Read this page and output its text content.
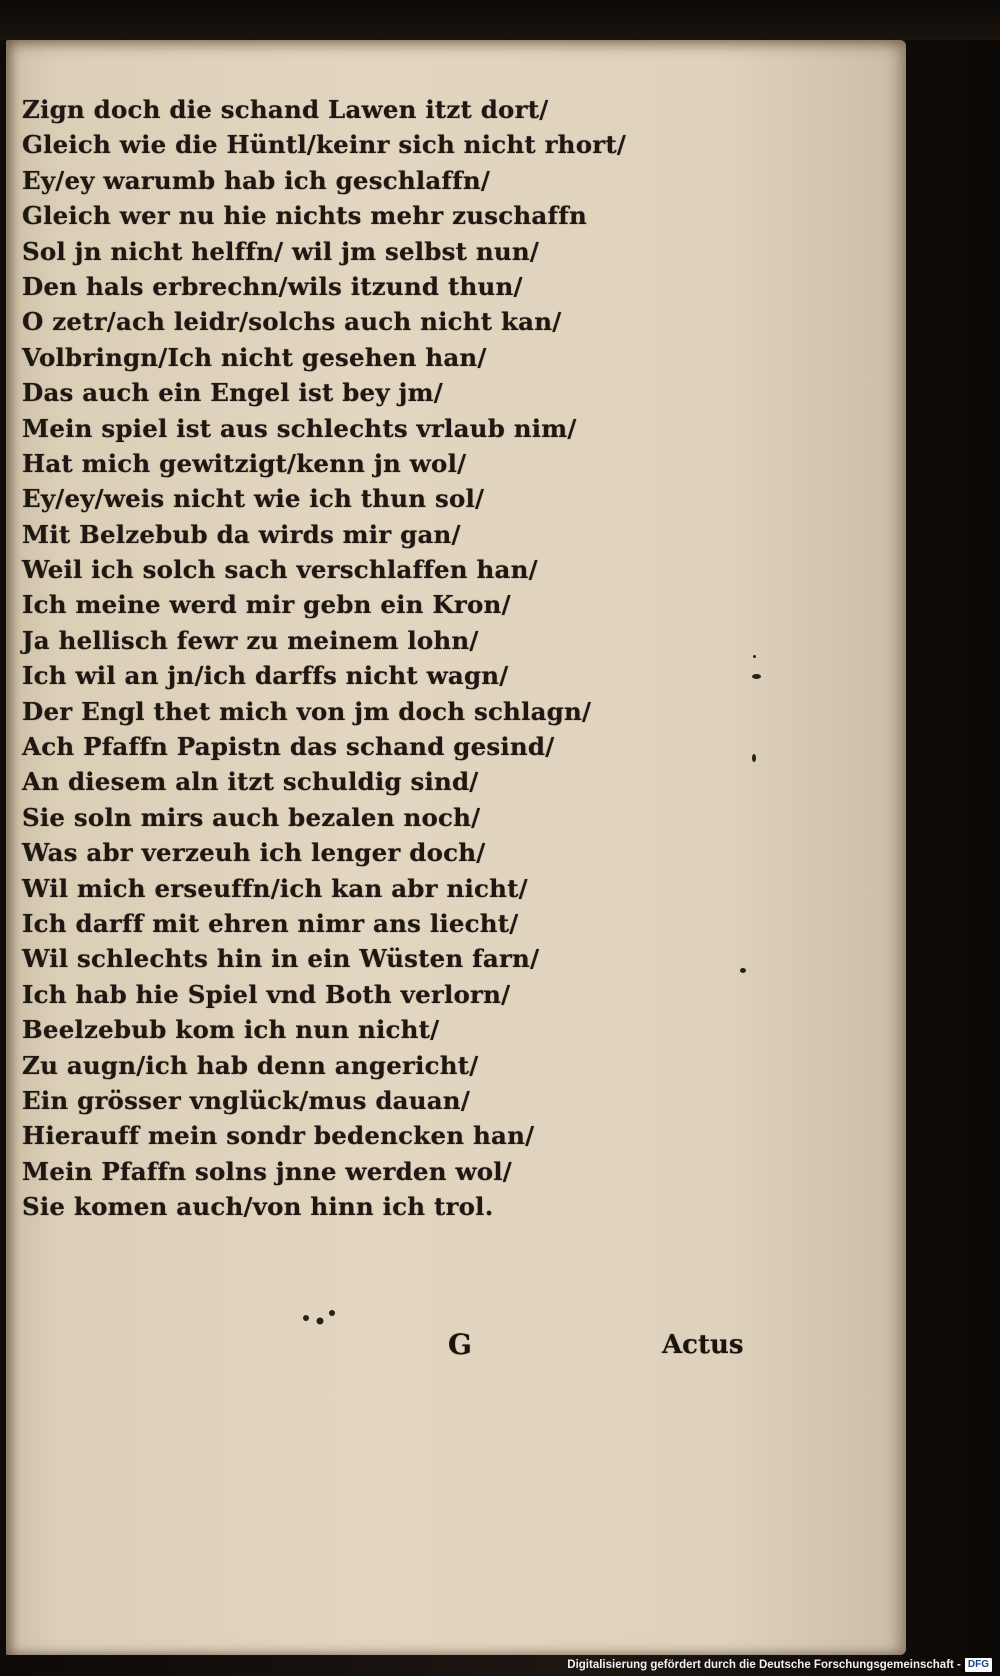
Zign doch die schand Lawen itzt dort/
Gleich wie die Hüntl/keinr sich nicht rhort/
Ey/ey warumb hab ich geschlaffn/
Gleich wer nu hie nichts mehr zuschaffn
Sol jn nicht helffn/ wil jm selbst nun/
Den hals erbrechn/wils itzund thun/
O zetr/ach leidr/solchs auch nicht kan/
Volbringn/Ich nicht gesehen han/
Das auch ein Engel ist bey jm/
Mein spiel ist aus schlechts vrlaub nim/
Hat mich gewitzigt/kenn jn wol/
Ey/ey/weis nicht wie ich thun sol/
Mit Belzebub da wirds mir gan/
Weil ich solch sach verschlaffen han/
Ich meine werd mir gebn ein Kron/
Ja hellisch fewr zu meinem lohn/
Ich wil an jn/ich darffs nicht wagn/
Der Engl thet mich von jm doch schlagn/
Ach Pfaffn Papistn das schand gesind/
An diesem aln itzt schuldig sind/
Sie soln mirs auch bezalen noch/
Was abr verzeuh ich lenger doch/
Wil mich erseuffn/ich kan abr nicht/
Ich darff mit ehren nimr ans liecht/
Wil schlechts hin in ein Wüsten farn/
Ich hab hie Spiel vnd Both verlorn/
Beelzebub kom ich nun nicht/
Zu augn/ich hab denn angericht/
Ein grösser vnglück/mus dauan/
Hierauff mein sondr bedencken han/
Mein Pfaffn solns jnne werden wol/
Sie komen auch/von hinn ich trol.
G	Actus
Digitalisierung gefördert durch die Deutsche Forschungsgemeinschaft - DFG
